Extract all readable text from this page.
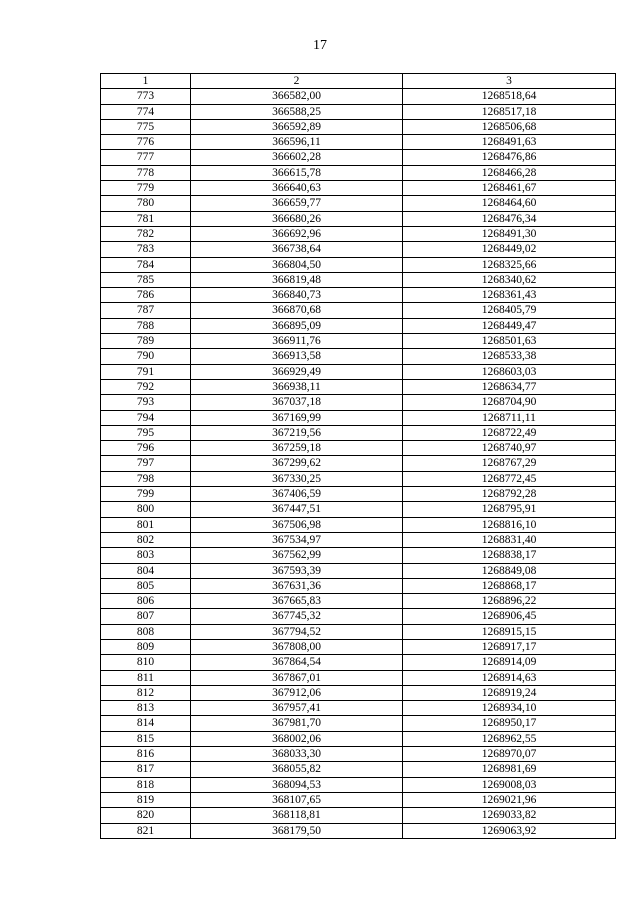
17
1	2	3
773	366582,00	1268518,64
774	366588,25	1268517,18
775	366592,89	1268506,68
776	366596,11	1268491,63
777	366602,28	1268476,86
778	366615,78	1268466,28
779	366640,63	1268461,67
780	366659,77	1268464,60
781	366680,26	1268476,34
782	366692,96	1268491,30
783	366738,64	1268449,02
784	366804,50	1268325,66
785	366819,48	1268340,62
786	366840,73	1268361,43
787	366870,68	1268405,79
788	366895,09	1268449,47
789	366911,76	1268501,63
790	366913,58	1268533,38
791	366929,49	1268603,03
792	366938,11	1268634,77
793	367037,18	1268704,90
794	367169,99	1268711,11
795	367219,56	1268722,49
796	367259,18	1268740,97
797	367299,62	1268767,29
798	367330,25	1268772,45
799	367406,59	1268792,28
800	367447,51	1268795,91
801	367506,98	1268816,10
802	367534,97	1268831,40
803	367562,99	1268838,17
804	367593,39	1268849,08
805	367631,36	1268868,17
806	367665,83	1268896,22
807	367745,32	1268906,45
808	367794,52	1268915,15
809	367808,00	1268917,17
810	367864,54	1268914,09
811	367867,01	1268914,63
812	367912,06	1268919,24
813	367957,41	1268934,10
814	367981,70	1268950,17
815	368002,06	1268962,55
816	368033,30	1268970,07
817	368055,82	1268981,69
818	368094,53	1269008,03
819	368107,65	1269021,96
820	368118,81	1269033,82
821	368179,50	1269063,92
